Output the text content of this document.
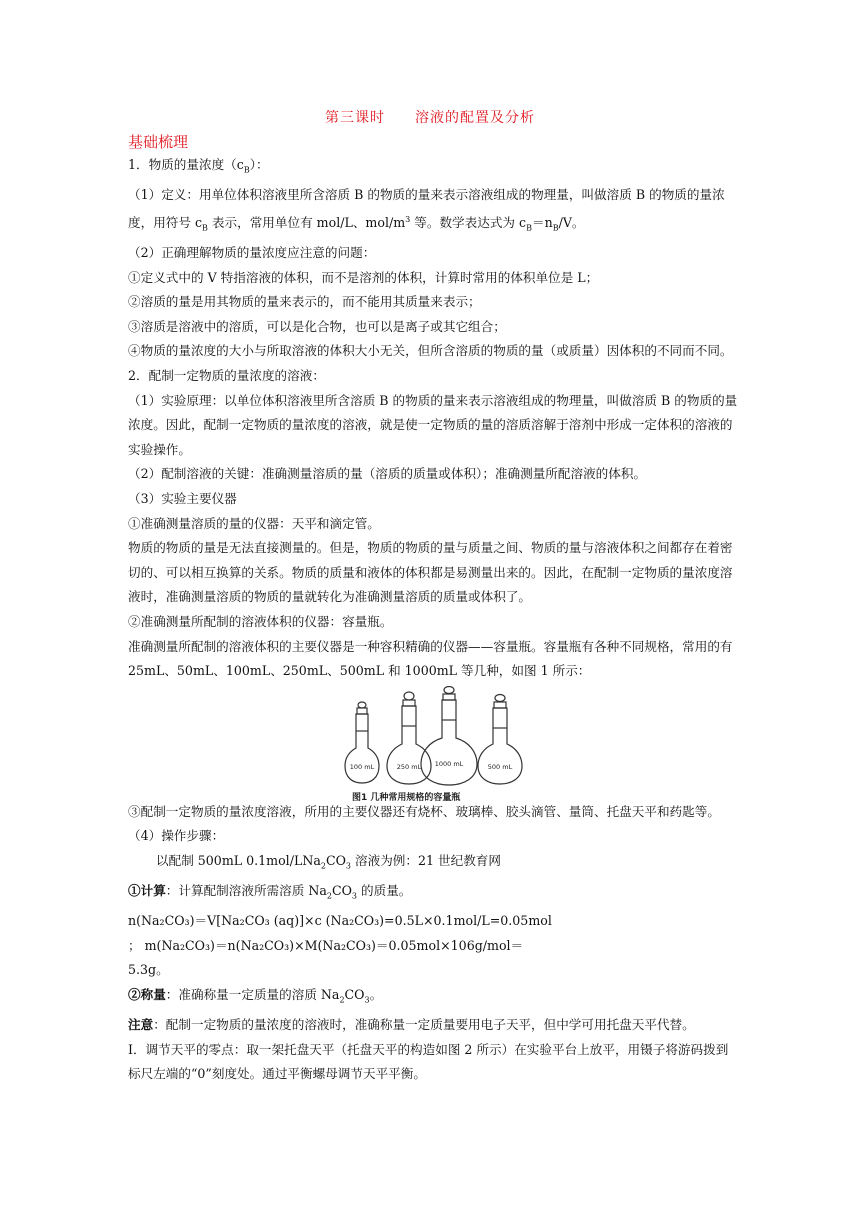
第三课时 溶液的配置及分析
基础梳理

1．物质的量浓度$(c_B)$：

（1）定义：用单位体积溶液里所含溶质 B 的物质的量来表示溶液组成的物理量，叫做溶质 B 的物质的量浓度，用符号 $c_B$ 表示，常用单位有 mol/L、mol/$m^3$ 等。数学表达式为 $c_B=n_B/V$。

（2）正确理解物质的量浓度应注意的问题：

①定义式中的 V 特指溶液的体积，而不是溶剂的体积，计算时常用的体积单位是 L；

②溶质的量是用其物质的量来表示的，而不能用其质量来表示；

③溶质是溶液中的溶质，可以是化合物，也可以是离子或其它组合；

④物质的量浓度的大小与所取溶液的体积大小无关，但所含溶质的物质的量（或质量）因体积的不同而不同。

2．配制一定物质的量浓度的溶液：

（1）实验原理：以单位体积溶液里所含溶质 B 的物质的量来表示溶液组成的物理量，叫做溶质 B 的物质的量浓度。因此，配制一定物质的量浓度的溶液，就是使一定物质的量的溶质溶解于溶剂中形成一定体积的溶液的实验操作。

（2）配制溶液的关键：准确测量溶质的量（溶质的质量或体积）；准确测量所配溶液的体积。

（3）实验主要仪器

①准确测量溶质的量的仪器：天平和滴定管。

物质的物质的量是无法直接测量的。但是，物质的物质的量与质量之间、物质的量与溶液体积之间都存在着密切的、可以相互换算的关系。物质的质量和液体的体积都是易测量出来的。因此，在配制一定物质的量浓度溶液时，准确测量溶质的物质的量就转化为准确测量溶质的质量或体积了。

②准确测量所配制的溶液体积的仪器：容量瓶。

准确测量所配制的溶液体积的主要仪器是一种容积精确的仪器——容量瓶。容量瓶有各种不同规格，常用的有 25mL、50mL、100mL、250mL、500mL 和 1000mL 等几种，如图 1 所示：

100 mL	250 mL 1000 mL	500 mL
图1 几种常用规格的容量瓶

③配制一定物质的量浓度溶液，所用的主要仪器还有烧杯、玻璃棒、胶头滴管、量筒、托盘天平和药匙等。

（4）操作步骤：

以配制 500mL $0.1mol/LNa_2CO_3$ 溶液为例：21 世纪教育网

①计算：计算配制溶液所需溶质 $Na_2CO_3$ 的质量。

n(Na₂CO₃)＝V[Na₂CO₃ (aq)]×c (Na₂CO₃)=0.5L×0.1mol/L=0.05mol

； m(Na₂CO₃)＝n(Na₂CO₃)×M(Na₂CO₃)＝0.05mol×106g/mol＝

5.3g。

②称量：准确称量一定质量的溶质 $Na_2CO_3$。

注意：配制一定物质的量浓度的溶液时，准确称量一定质量要用电子天平，但中学可用托盘天平代替。

I．调节天平的零点：取一架托盘天平（托盘天平的构造如图 2 所示）在实验平台上放平，用镊子将游码拨到标尺左端的“0”刻度处。通过平衡螺母调节天平平衡。
